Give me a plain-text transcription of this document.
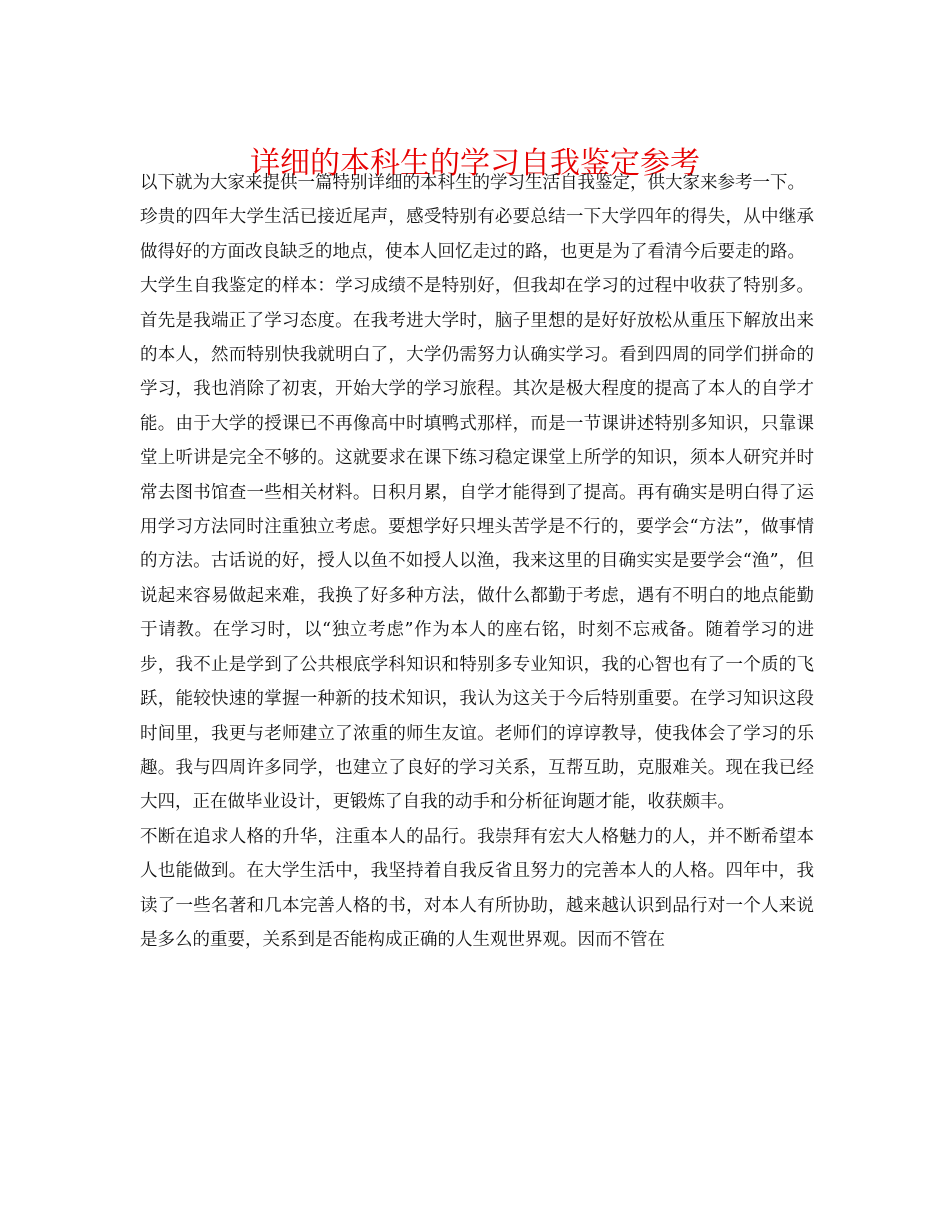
详细的本科生的学习自我鉴定参考

以下就为大家来提供一篇特别详细的本科生的学习生活自我鉴定，供大家来参考一下。

珍贵的四年大学生活已接近尾声，感受特别有必要总结一下大学四年的得失，从中继承做得好的方面改良缺乏的地点，使本人回忆走过的路，也更是为了看清今后要走的路。

大学生自我鉴定的样本：学习成绩不是特别好，但我却在学习的过程中收获了特别多。首先是我端正了学习态度。在我考进大学时，脑子里想的是好好放松从重压下解放出来的本人，然而特别快我就明白了，大学仍需努力认确实学习。看到四周的同学们拼命的学习，我也消除了初衷，开始大学的学习旅程。其次是极大程度的提高了本人的自学才能。由于大学的授课已不再像高中时填鸭式那样，而是一节课讲述特别多知识，只靠课堂上听讲是完全不够的。这就要求在课下练习稳定课堂上所学的知识，须本人研究并时常去图书馆查一些相关材料。日积月累，自学才能得到了提高。再有确实是明白得了运用学习方法同时注重独立考虑。要想学好只埋头苦学是不行的，要学会“方法”，做事情的方法。古话说的好，授人以鱼不如授人以渔，我来这里的目确实实是要学会“渔”，但说起来容易做起来难，我换了好多种方法，做什么都勤于考虑，遇有不明白的地点能勤于请教。在学习时，以“独立考虑”作为本人的座右铭，时刻不忘戒备。随着学习的进步，我不止是学到了公共根底学科知识和特别多专业知识，我的心智也有了一个质的飞跃，能较快速的掌握一种新的技术知识，我认为这关于今后特别重要。在学习知识这段时间里，我更与老师建立了浓重的师生友谊。老师们的谆谆教导，使我体会了学习的乐趣。我与四周许多同学，也建立了良好的学习关系，互帮互助，克服难关。现在我已经大四，正在做毕业设计，更锻炼了自我的动手和分析征询题才能，收获颇丰。

不断在追求人格的升华，注重本人的品行。我崇拜有宏大人格魅力的人，并不断希望本人也能做到。在大学生活中，我坚持着自我反省且努力的完善本人的人格。四年中，我读了一些名著和几本完善人格的书，对本人有所协助，越来越认识到品行对一个人来说是多么的重要，关系到是否能构成正确的人生观世界观。因而不管在
